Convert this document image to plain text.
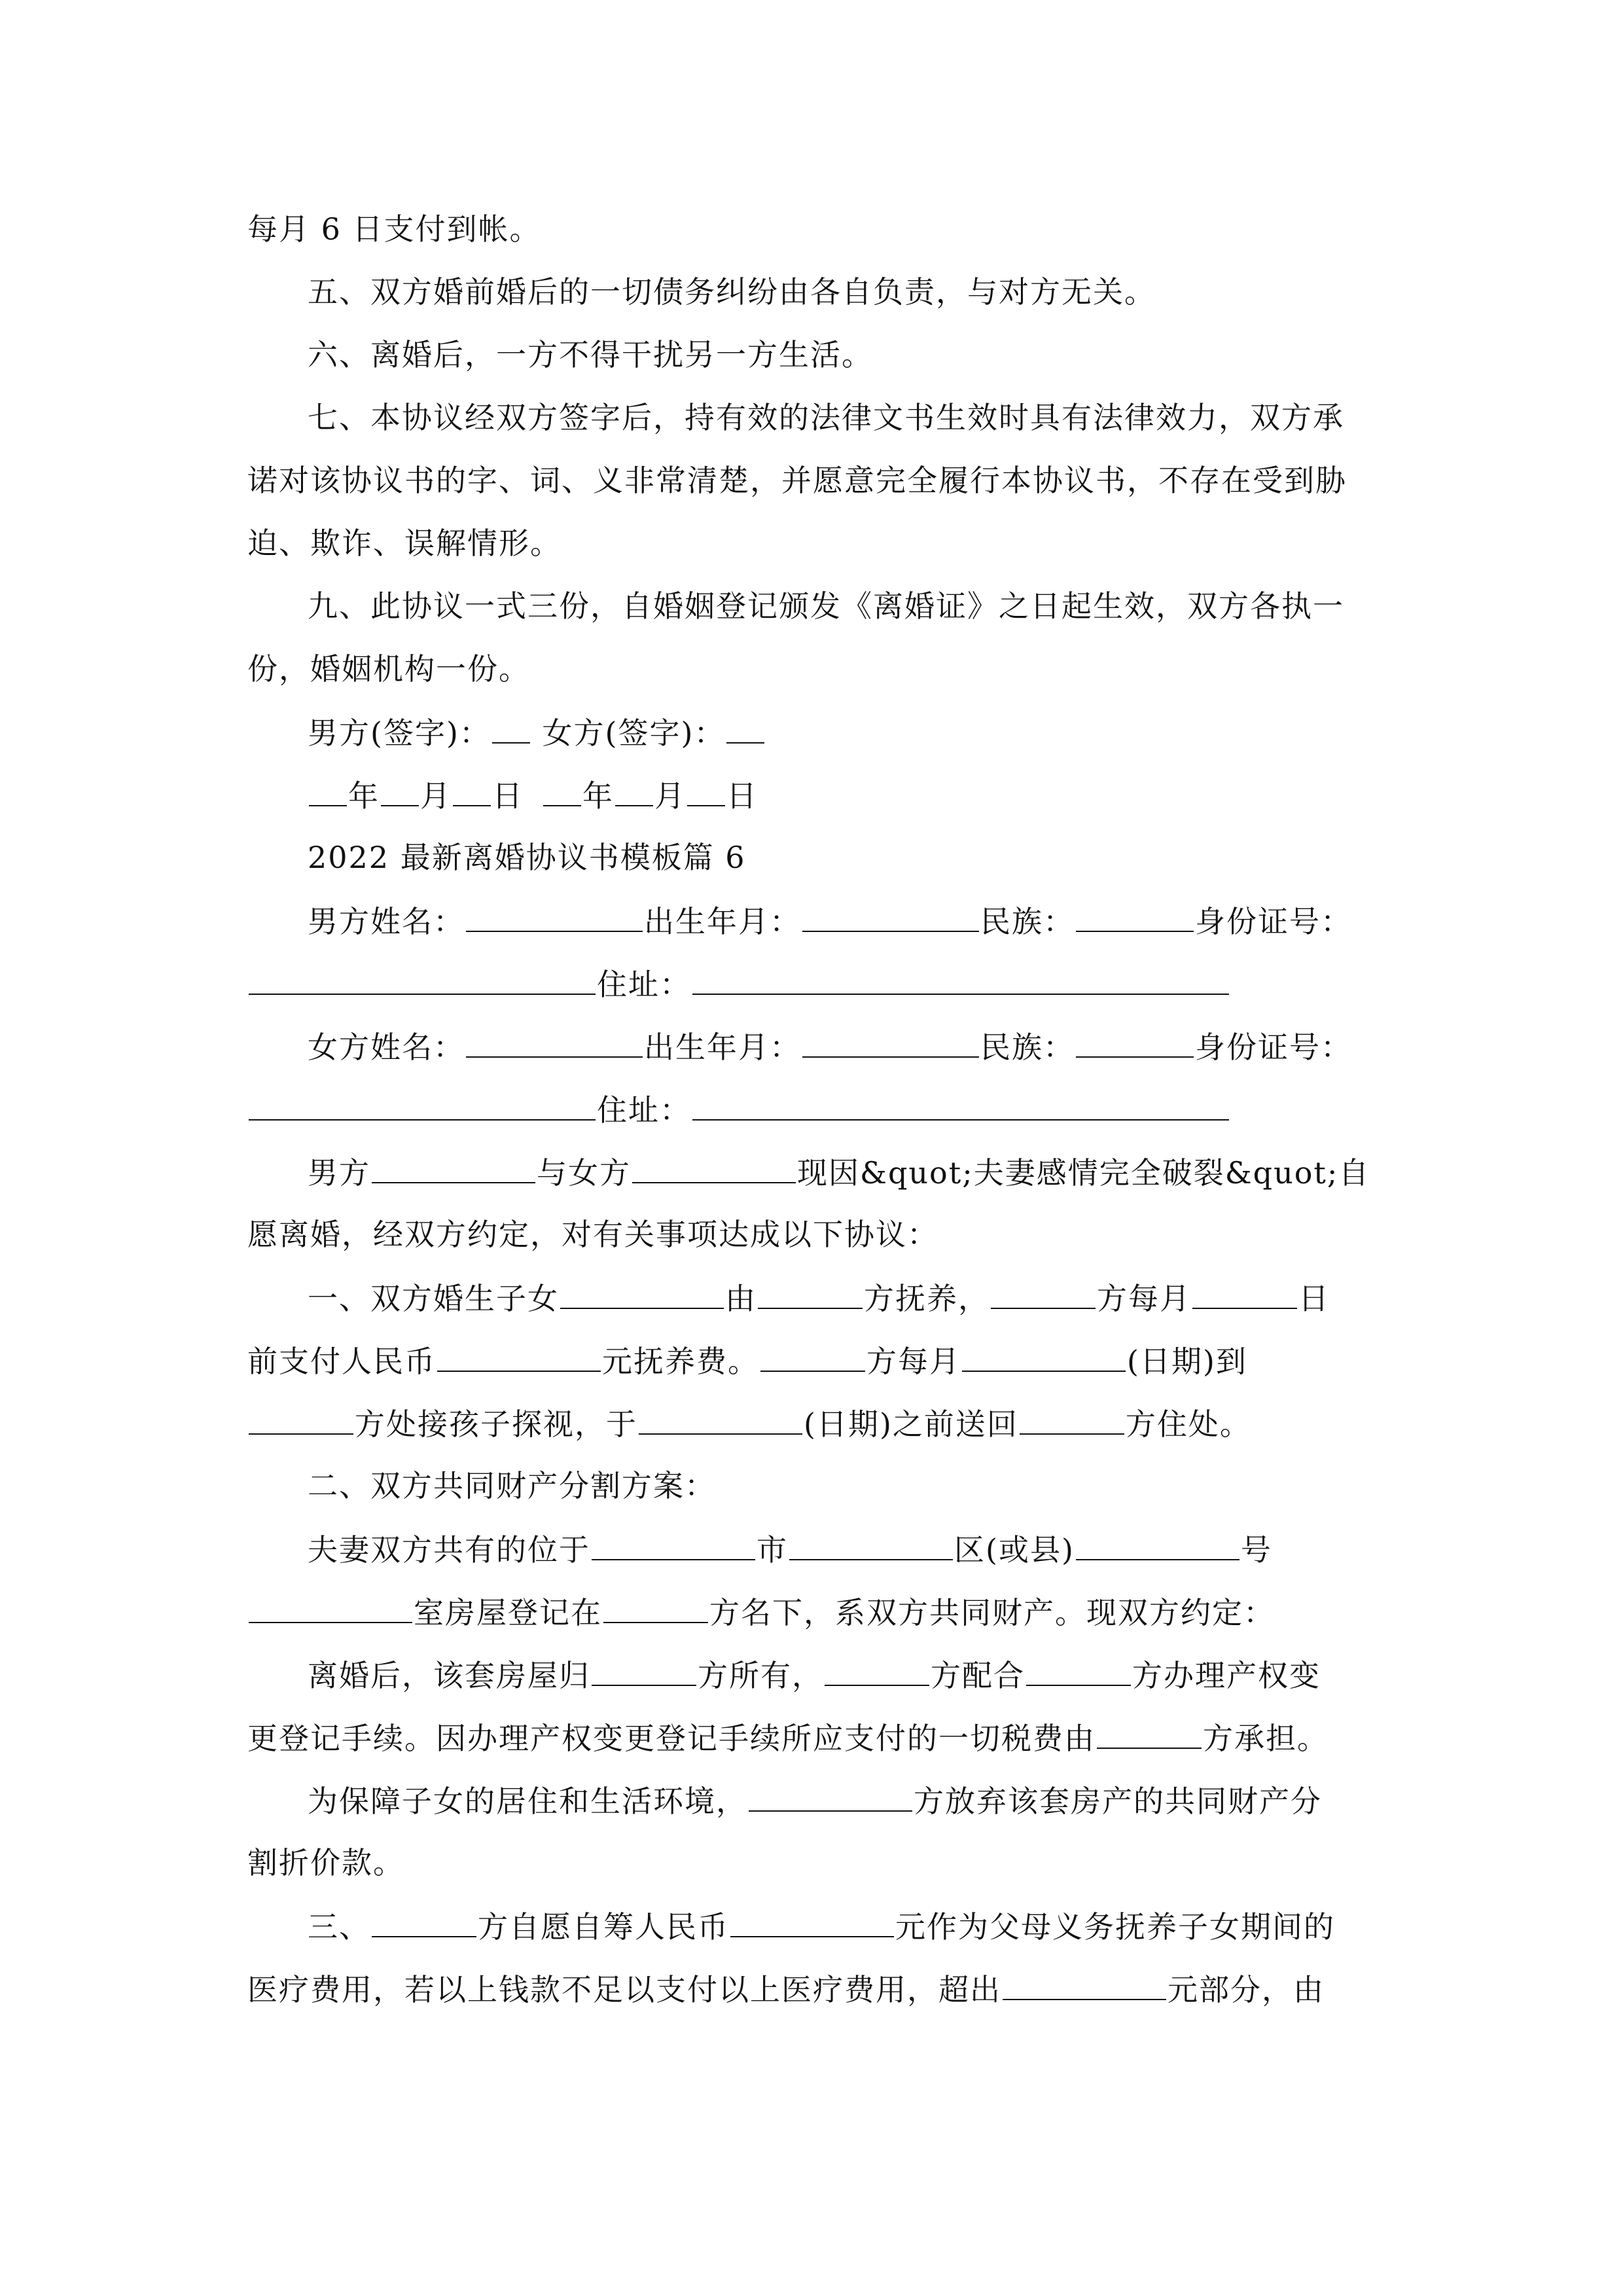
每月 6 日支付到帐。
五、双方婚前婚后的一切债务纠纷由各自负责，与对方无关。
六、离婚后，一方不得干扰另一方生活。
七、本协议经双方签字后，持有效的法律文书生效时具有法律效力，双方承
诺对该协议书的字、词、义非常清楚，并愿意完全履行本协议书，不存在受到胁
迫、欺诈、误解情形。
九、此协议一式三份，自婚姻登记颁发《离婚证》之日起生效，双方各执一
份，婚姻机构一份。
男方(签字)： 女方(签字)：
年 月 日 年 月 日
2022 最新离婚协议书模板篇 6
男方姓名：	出生年月：	民族：	身份证号：
住址：
女方姓名：	出生年月：	民族：	身份证号：
住址：
男方	与女方	现因&quot;夫妻感情完全破裂&quot;自
愿离婚，经双方约定，对有关事项达成以下协议：
一、双方婚生子女	由	方抚养，	方每月	日
前支付人民币	元抚养费。	方每月	(日期)到
方处接孩子探视，于	(日期)之前送回	方住处。
二、双方共同财产分割方案：
夫妻双方共有的位于	市	区(或县)	号
室房屋登记在	方名下，系双方共同财产。现双方约定：
离婚后，该套房屋归	方所有，	方配合	方办理产权变
更登记手续。因办理产权变更登记手续所应支付的一切税费由	方承担。
为保障子女的居住和生活环境，	方放弃该套房产的共同财产分
割折价款。
三、	方自愿自筹人民币	元作为父母义务抚养子女期间的
医疗费用，若以上钱款不足以支付以上医疗费用，超出	元部分，由
